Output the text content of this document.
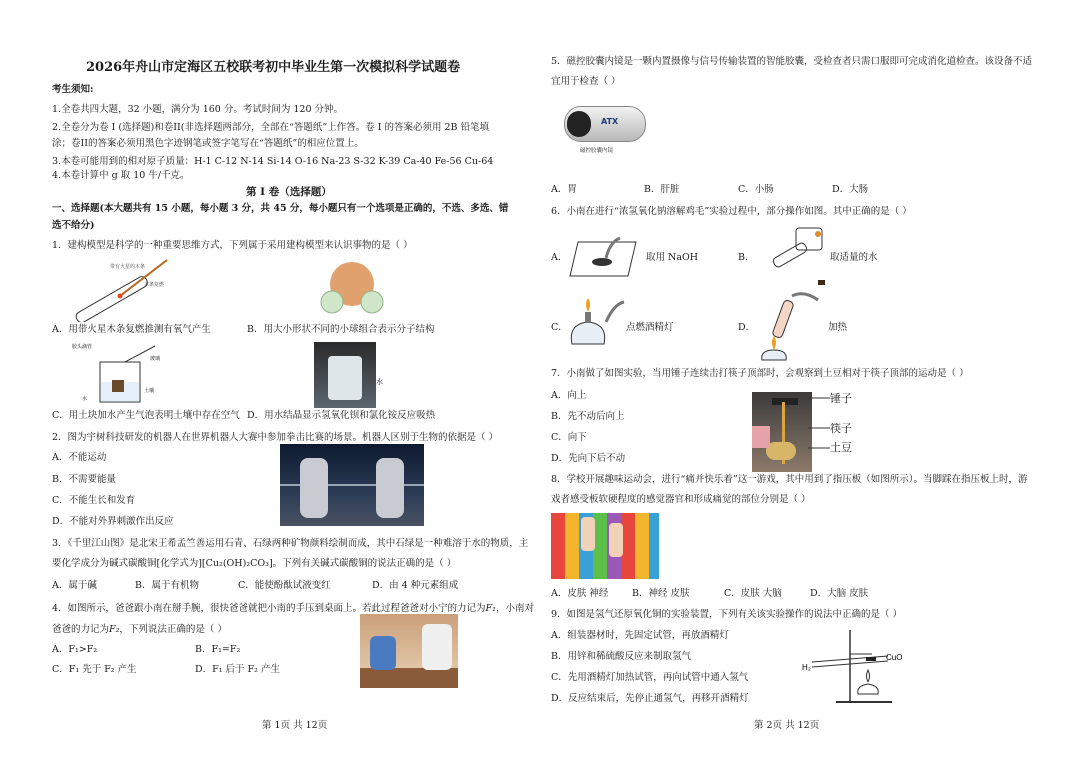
2026年舟山市定海区五校联考初中毕业生第一次模拟科学试题卷
考生须知:
1.全卷共四大题，32 小题，满分为 160 分。考试时间为 120 分钟。
2.全卷分为卷 I (选择题)和卷II(非选择题两部分，全部在“答题纸”上作答。卷 I 的答案必须用 2B 铅笔填
涂；卷II的答案必须用黑色字迹钢笔或签字笔写在“答题纸”的相应位置上。
3.本卷可能用到的相对原子质量：H-1 C-12 N-14 Si-14 O-16 Na-23 S-32 K-39 Ca-40 Fe-56 Cu-64
4.本卷计算中 g 取 10 牛/千克。
第 I 卷（选择题）
一、选择题(本大题共有 15 小题，每小题 3 分，共 45 分，每小题只有一个选项是正确的，不选、多选、错
选不给分)
1．建构模型是科学的一种重要思维方式，下列属于采用建构模型来认识事物的是（ ）
带有火星的木条
木条复燃
A．用带火星木条复燃推测有氧气产生	B．用大小形状不同的小球组合表示分子结构
胶头滴管
土壤
水
玻璃
水
C．用土块加水产生气泡表明土壤中存在空气 D．用水结晶显示氢氧化钡和氯化铵反应吸热
2．图为宇树科技研发的机器人在世界机器人大赛中参加拳击比赛的场景。机器人区别于生物的依据是（ ）
A．不能运动
B．不需要能量
C．不能生长和发育
D．不能对外界刺激作出反应
3．《千里江山图》是北宋王希孟竺善运用石青、石绿两种矿物颜料绘制而成，其中石绿是一种难溶于水的物质，主
要化学成分为碱式碳酸铜[化学式为][Cu₂(OH)₂CO₃]。下列有关碱式碳酸铜的说法正确的是（ ）
A．属于碱	B．属于有机物	C．能使酚酞试液变红	D．由 4 种元素组成
4．如图所示，爸爸跟小南在掰手腕，很快爸爸就把小南的手压到桌面上。若此过程爸爸对小宁的力记为F₁，小南对
爸爸的力记为F₂，下列说法正确的是（ ）
A．F₁>F₂	B．F₁=F₂
C．F₁ 先于 F₂ 产生	D．F₁ 后于 F₂ 产生
第 1页 共 12页
5．磁控胶囊内镜是一颗内置摄像与信号传输装置的智能胶囊，受检查者只需口服即可完成消化道检查。该设备不适
宜用于检查（ ）
ATX
磁控胶囊内镜
A．胃	B．肝脏	C．小肠	D．大肠
6．小南在进行“浓氢氧化钠溶解鸡毛”实验过程中，部分操作如图。其中正确的是（ ）
A．	取用 NaOH	B．	取适量的水
C．	点燃酒精灯	D．	加热
7．小南做了如图实验，当用锤子连续击打筷子顶部时，会观察到土豆相对于筷子顶部的运动是（ ）
A．向上
B．先不动后向上
C．向下
D．先向下后不动
锤子
筷子
土豆
8．学校开展趣味运动会，进行“痛并快乐着”这一游戏，其中用到了指压板（如图所示）。当脚踩在指压板上时，游
戏者感受板软硬程度的感觉器官和形成痛觉的部位分别是（ ）
A．皮肤 神经 B．神经 皮肤	C．皮肤 大脑	D．大脑 皮肤
9．如图是氢气还原氧化铜的实验装置，下列有关该实验操作的说法中正确的是（ ）
A．组装器材时，先固定试管，再放酒精灯
B．用锌和稀硫酸反应来制取氢气
C．先用酒精灯加热试管，再向试管中通入氢气
D．反应结束后，先停止通氢气，再移开酒精灯
CuO
H₂
第 2页 共 12页
